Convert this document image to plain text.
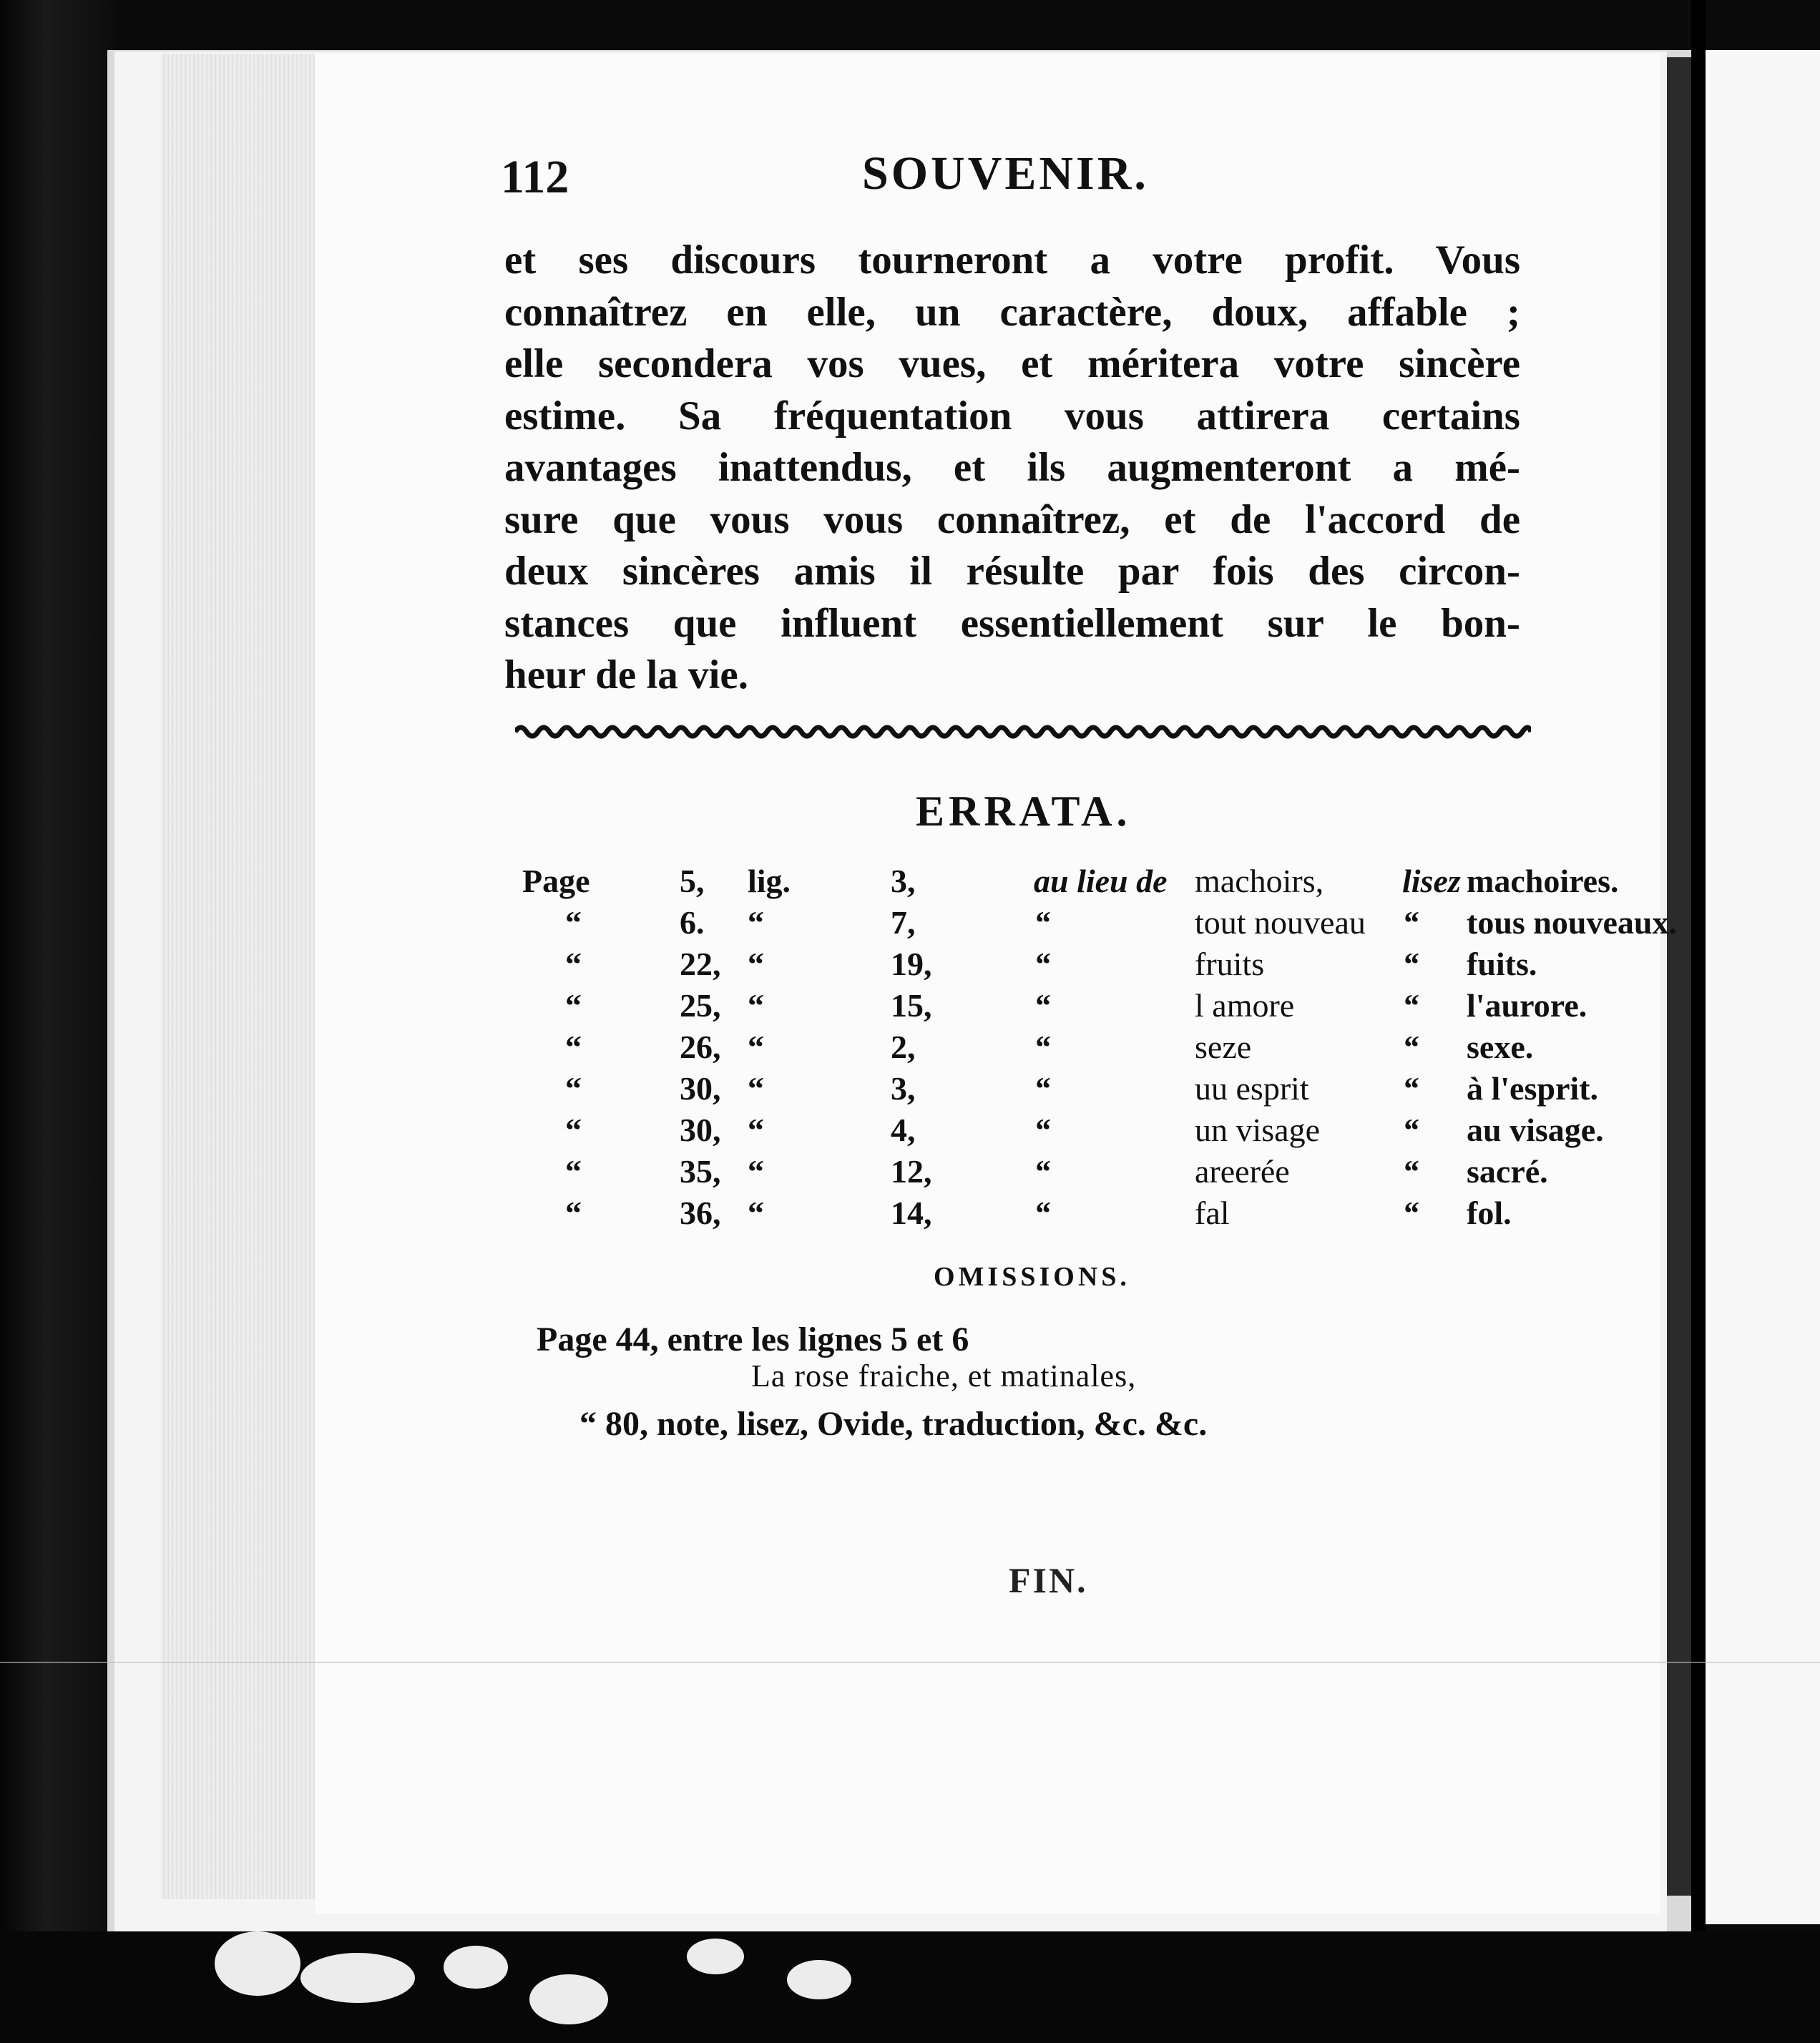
112	SOUVENIR.
et ses discours tourneront a votre profit. Vous
connaîtrez en elle, un caractère, doux, affable ;
elle secondera vos vues, et méritera votre sincère
estime. Sa fréquentation vous attirera certains
avantages inattendus, et ils augmenteront a mé-
sure que vous vous connaîtrez, et de l'accord de
deux sincères amis il résulte par fois des circon-
stances que influent essentiellement sur le bon-
heur de la vie.
ERRATA.
Page	5,	lig.	3,	au lieu de	machoirs,	lisez	machoires.
“	6.	“	7,	“	tout nouveau	“	tous nouveaux.
“	22,	“	19,	“	fruits	“	fuits.
“	25,	“	15,	“	l amore	“	l'aurore.
“	26,	“	2,	“	seze	“	sexe.
“	30,	“	3,	“	uu esprit	“	à l'esprit.
“	30,	“	4,	“	un visage	“	au visage.
“	35,	“	12,	“	areerée	“	sacré.
“	36,	“	14,	“	fal	“	fol.
OMISSIONS.
Page 44, entre les lignes 5 et 6
La rose fraiche, et matinales,
“ 80, note, lisez, Ovide, traduction, &c. &c.
FIN.
